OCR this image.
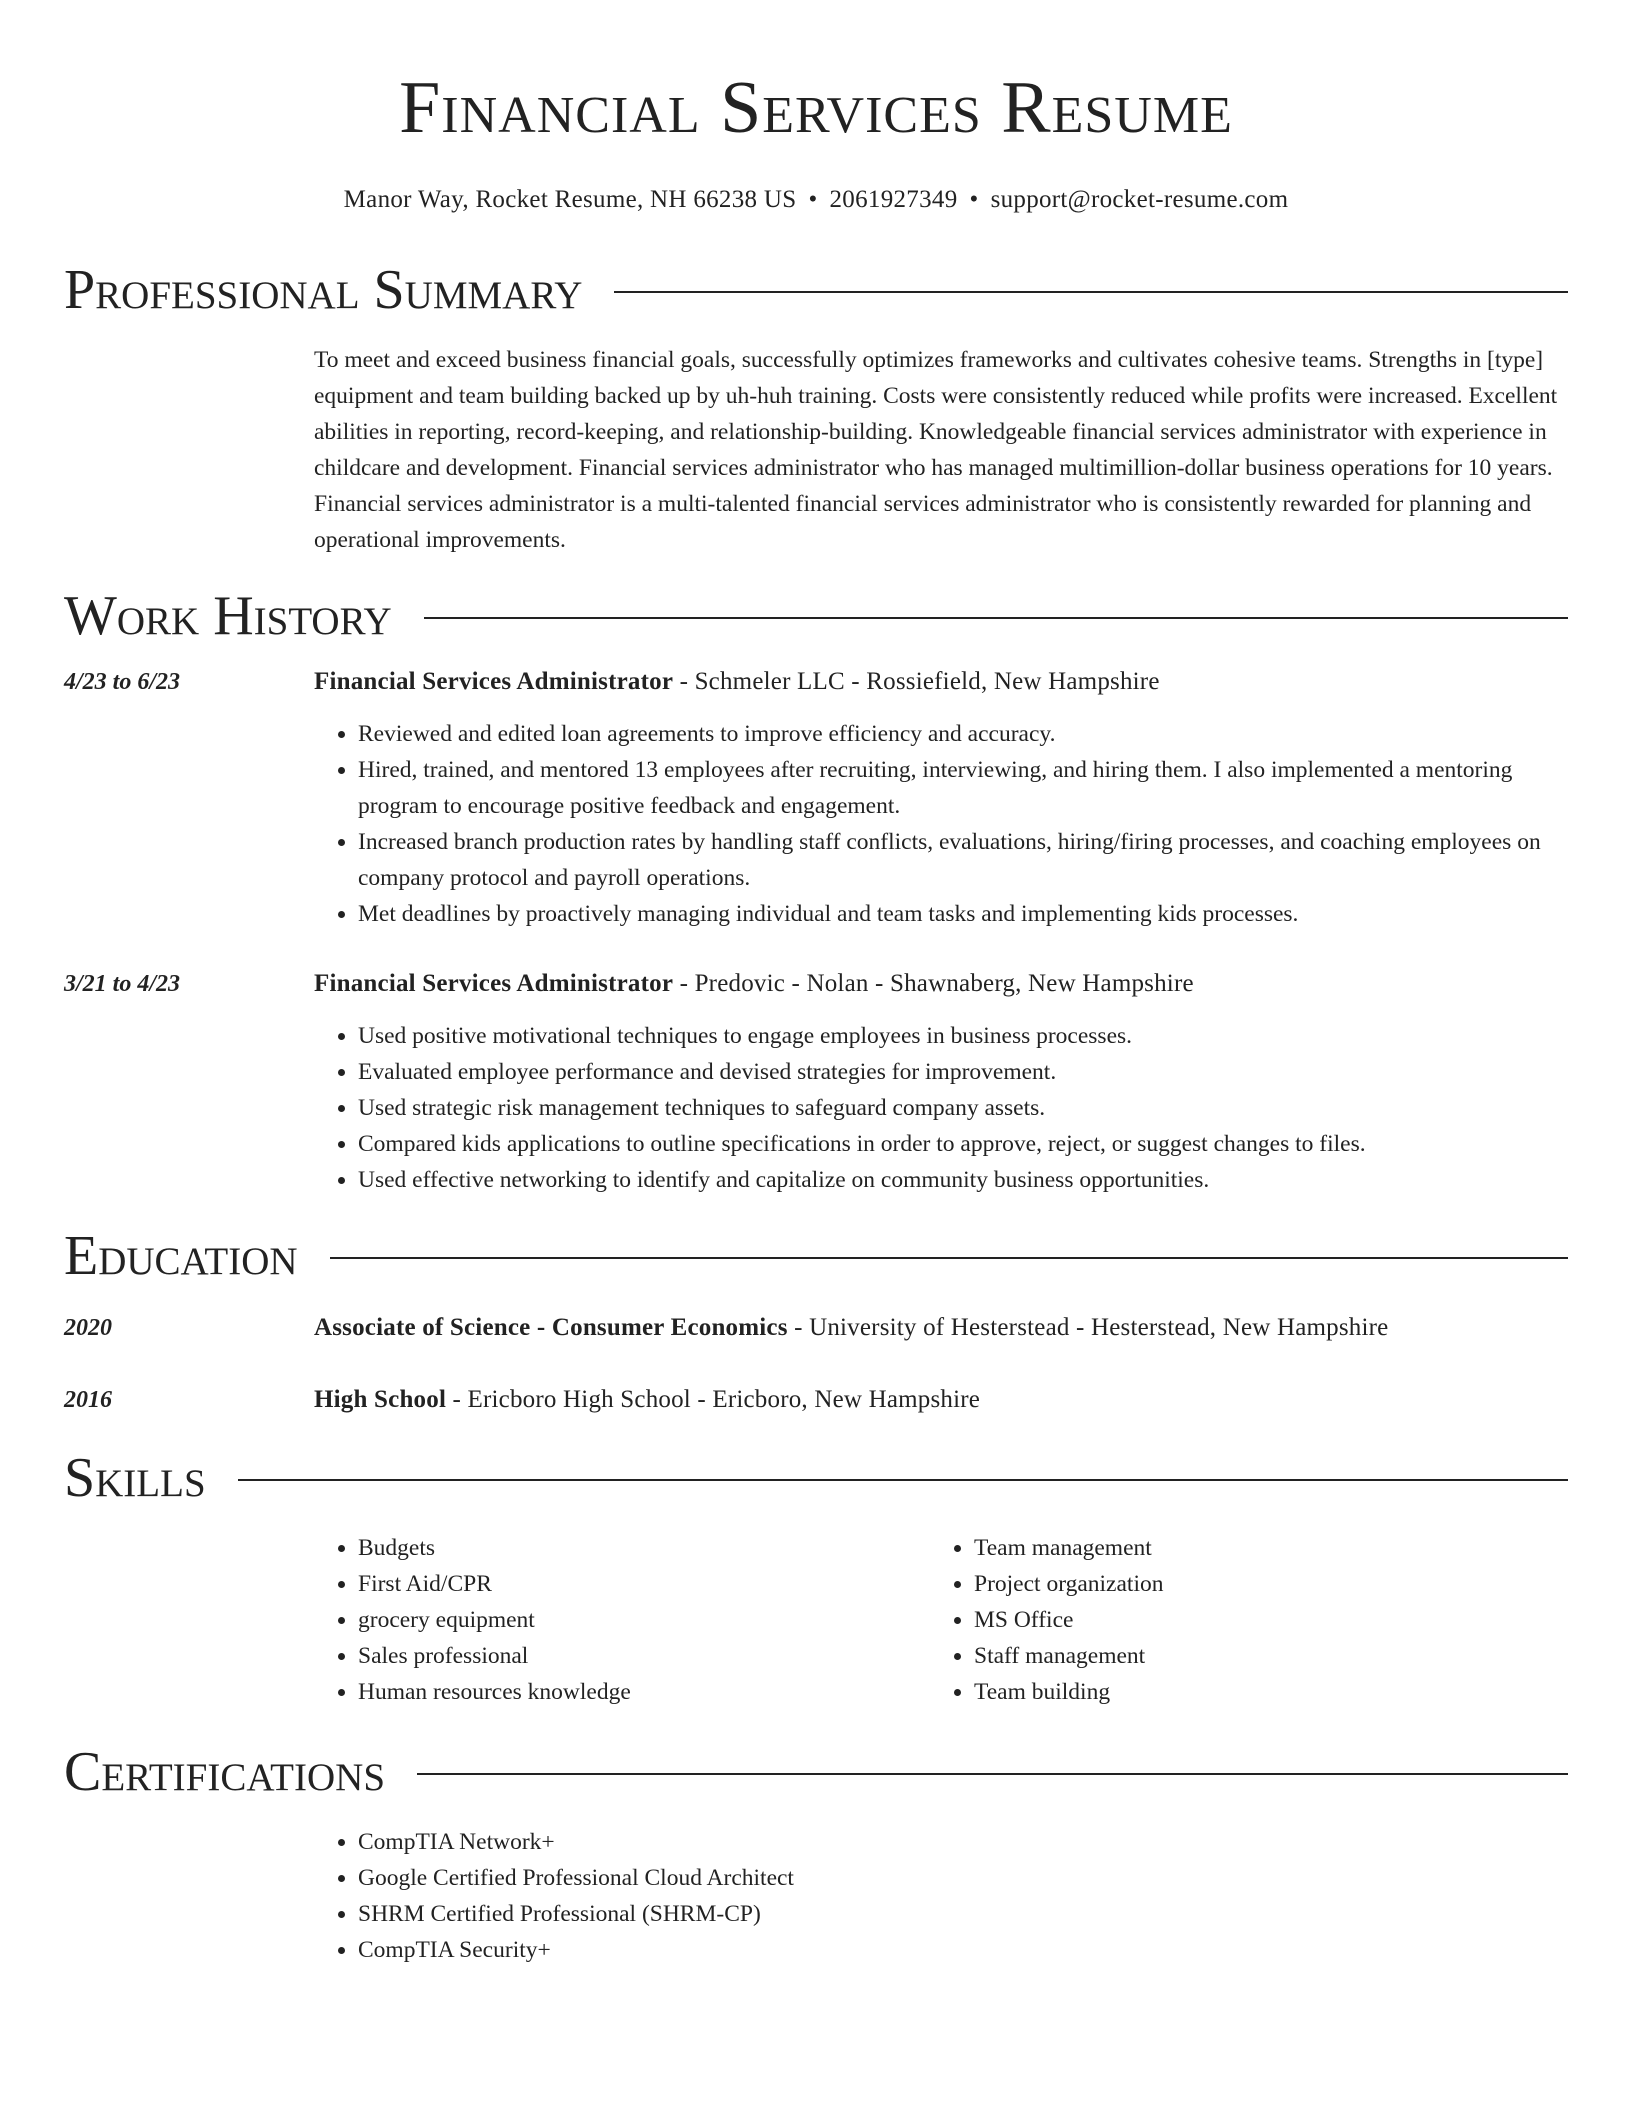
Financial Services Resume
Manor Way, Rocket Resume, NH 66238 US • 2061927349 • support@rocket-resume.com
Professional Summary

To meet and exceed business financial goals, successfully optimizes frameworks and cultivates cohesive teams. Strengths in [type] equipment and team building backed up by uh-huh training. Costs were consistently reduced while profits were increased. Excellent abilities in reporting, record-keeping, and relationship-building. Knowledgeable financial services administrator with experience in childcare and development. Financial services administrator who has managed multimillion-dollar business operations for 10 years. Financial services administrator is a multi-talented financial services administrator who is consistently rewarded for planning and operational improvements.

Work History
4/23 to 6/23	Financial Services Administrator - Schmeler LLC - Rossiefield, New Hampshire
• Reviewed and edited loan agreements to improve efficiency and accuracy.
• Hired, trained, and mentored 13 employees after recruiting, interviewing, and hiring them. I also implemented a mentoring program to encourage positive feedback and engagement.
• Increased branch production rates by handling staff conflicts, evaluations, hiring/firing processes, and coaching employees on company protocol and payroll operations.
• Met deadlines by proactively managing individual and team tasks and implementing kids processes.
3/21 to 4/23	Financial Services Administrator - Predovic - Nolan - Shawnaberg, New Hampshire
• Used positive motivational techniques to engage employees in business processes.
• Evaluated employee performance and devised strategies for improvement.
• Used strategic risk management techniques to safeguard company assets.
• Compared kids applications to outline specifications in order to approve, reject, or suggest changes to files.
• Used effective networking to identify and capitalize on community business opportunities.
Education
2020	Associate of Science - Consumer Economics - University of Hesterstead - Hesterstead, New Hampshire
2016	High School - Ericboro High School - Ericboro, New Hampshire
Skills
• Budgets
• First Aid/CPR
• grocery equipment
• Sales professional
• Human resources knowledge
• Team management
• Project organization
• MS Office
• Staff management
• Team building
Certifications
• CompTIA Network+
• Google Certified Professional Cloud Architect
• SHRM Certified Professional (SHRM-CP)
• CompTIA Security+
